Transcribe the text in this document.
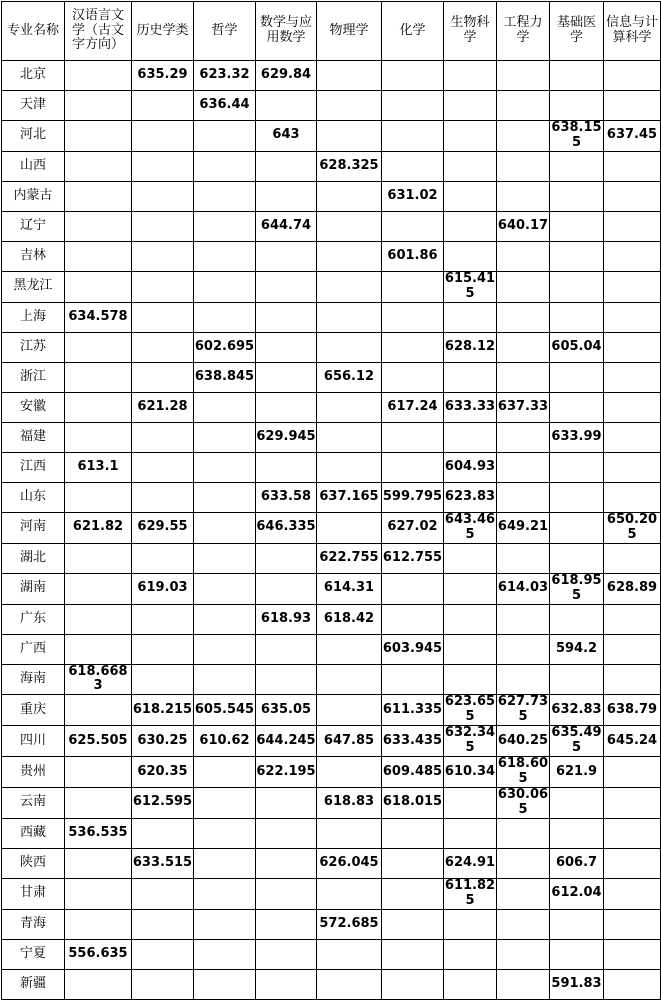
专业名称	汉语言文学（古文字方向）	历史学类	哲学	数学与应用数学	物理学	化学	生物科学	工程力学	基础医学	信息与计算科学
北京		635.29	623.32	629.84						
天津			636.44							
河北				643					638.155	637.45
山西					628.325					
内蒙古						631.02				
辽宁				644.74				640.17		
吉林						601.86				
黑龙江							615.415			
上海	634.578									
江苏			602.695				628.12		605.04	
浙江			638.845		656.12					
安徽		621.28				617.24	633.33	637.33		
福建				629.945					633.99	
江西	613.1						604.93			
山东				633.58	637.165	599.795	623.83			
河南	621.82	629.55		646.335		627.02	643.465	649.21		650.205
湖北					622.755	612.755				
湖南		619.03			614.31			614.03	618.955	628.89
广东				618.93	618.42					
广西						603.945			594.2	
海南	618.6683									
重庆		618.215	605.545	635.05		611.335	623.655	627.735	632.83	638.79
四川	625.505	630.25	610.62	644.245	647.85	633.435	632.345	640.25	635.495	645.24
贵州		620.35		622.195		609.485	610.34	618.605	621.9	
云南		612.595			618.83	618.015		630.065		
西藏	536.535									
陕西		633.515			626.045		624.91		606.7	
甘肃							611.825		612.04	
青海					572.685					
宁夏	556.635									
新疆									591.83	
